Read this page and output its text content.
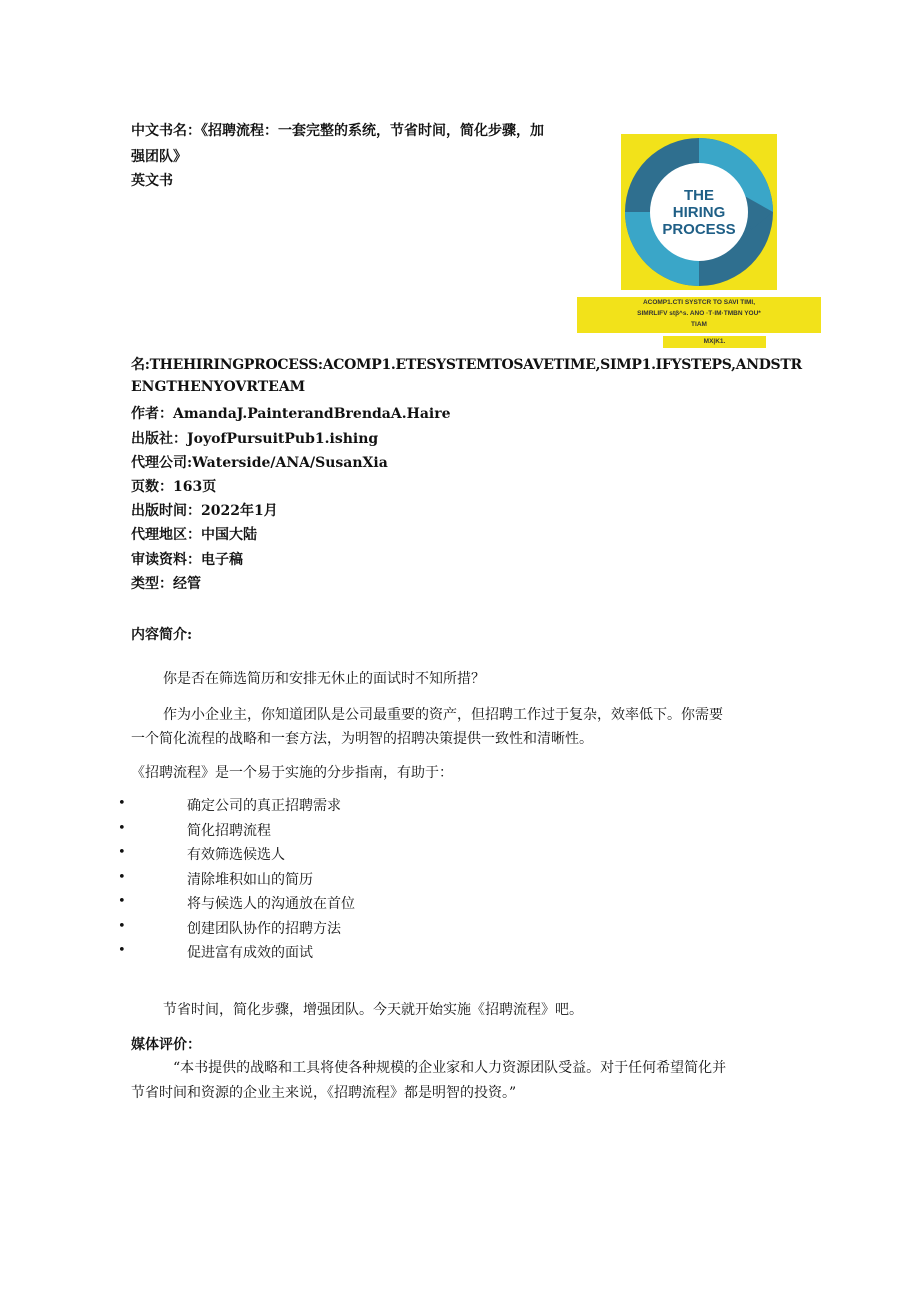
中文书名：《招聘流程：一套完整的系统，节省时间，简化步骤，加
强团队》
英文书
THE
HIRING
PROCESS
ACOMP1.CTI SYSTCR TO SAVI TIMI,
SIMRLIFV stβ^s. ANO ·T·IM·TMBN YOU*
TIAM
MX|K1.
名:THEHIRINGPROCESS:ACOMP1.ETESYSTEMTOSAVETIME,SIMP1.IFYSTEPS,ANDSTR
ENGTHENYOVRTEAM
作者：AmandaJ.PainterandBrendaA.Haire
出版社：JoyofPursuitPub1.ishing
代理公司:Waterside/ANA/SusanXia
页数：163页
出版时间：2022年1月
代理地区：中国大陆
审读资料：电子稿
类型：经管
内容简介:
你是否在筛选简历和安排无休止的面试时不知所措？
作为小企业主，你知道团队是公司最重要的资产，但招聘工作过于复杂，效率低下。你需要
一个简化流程的战略和一套方法，为明智的招聘决策提供一致性和清晰性。
《招聘流程》是一个易于实施的分步指南，有助于：
•	确定公司的真正招聘需求
•	简化招聘流程
•	有效筛选候选人
•	清除堆积如山的简历
•	将与候选人的沟通放在首位
•	创建团队协作的招聘方法
•	促进富有成效的面试
节省时间，简化步骤，增强团队。今天就开始实施《招聘流程》吧。
媒体评价：
“本书提供的战略和工具将使各种规模的企业家和人力资源团队受益。对于任何希望简化并
节省时间和资源的企业主来说，《招聘流程》都是明智的投资。”
